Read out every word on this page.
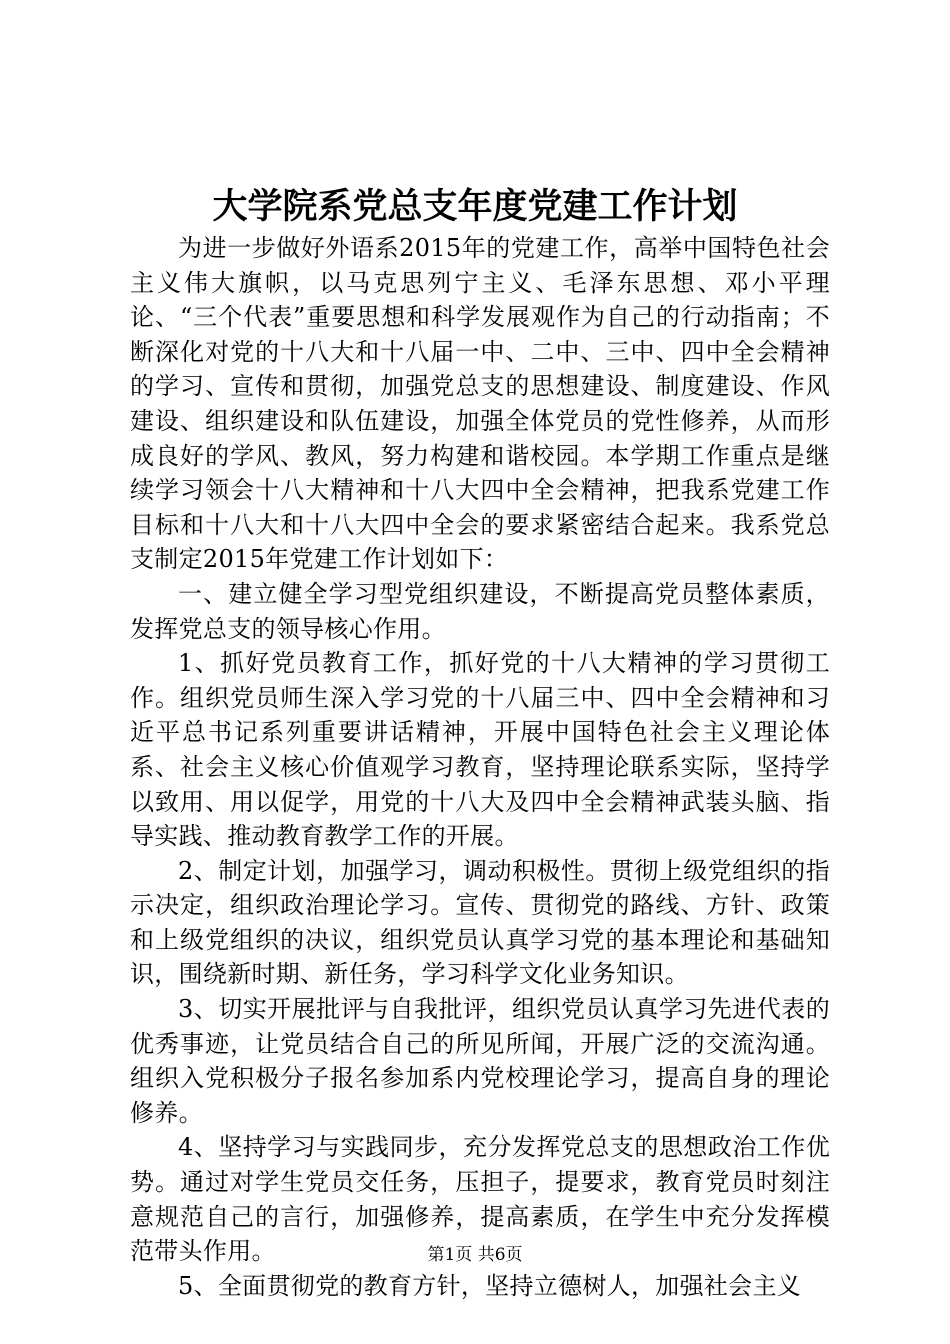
大学院系党总支年度党建工作计划

为进一步做好外语系2015年的党建工作，高举中国特色社会主义伟大旗帜，以马克思列宁主义、毛泽东思想、邓小平理论、“三个代表”重要思想和科学发展观作为自己的行动指南；不断深化对党的十八大和十八届一中、二中、三中、四中全会精神的学习、宣传和贯彻，加强党总支的思想建设、制度建设、作风建设、组织建设和队伍建设，加强全体党员的党性修养，从而形成良好的学风、教风，努力构建和谐校园。本学期工作重点是继续学习领会十八大精神和十八大四中全会精神，把我系党建工作目标和十八大和十八大四中全会的要求紧密结合起来。我系党总支制定2015年党建工作计划如下：

一、建立健全学习型党组织建设，不断提高党员整体素质，发挥党总支的领导核心作用。

1、抓好党员教育工作，抓好党的十八大精神的学习贯彻工作。组织党员师生深入学习党的十八届三中、四中全会精神和习近平总书记系列重要讲话精神，开展中国特色社会主义理论体系、社会主义核心价值观学习教育，坚持理论联系实际，坚持学以致用、用以促学，用党的十八大及四中全会精神武装头脑、指导实践、推动教育教学工作的开展。

2、制定计划，加强学习，调动积极性。贯彻上级党组织的指示决定，组织政治理论学习。宣传、贯彻党的路线、方针、政策和上级党组织的决议，组织党员认真学习党的基本理论和基础知识，围绕新时期、新任务，学习科学文化业务知识。

3、切实开展批评与自我批评，组织党员认真学习先进代表的优秀事迹，让党员结合自己的所见所闻，开展广泛的交流沟通。组织入党积极分子报名参加系内党校理论学习，提高自身的理论修养。

4、坚持学习与实践同步，充分发挥党总支的思想政治工作优势。通过对学生党员交任务，压担子，提要求，教育党员时刻注意规范自己的言行，加强修养，提高素质，在学生中充分发挥模范带头作用。

5、全面贯彻党的教育方针，坚持立德树人，加强社会主义

第1页 共6页
